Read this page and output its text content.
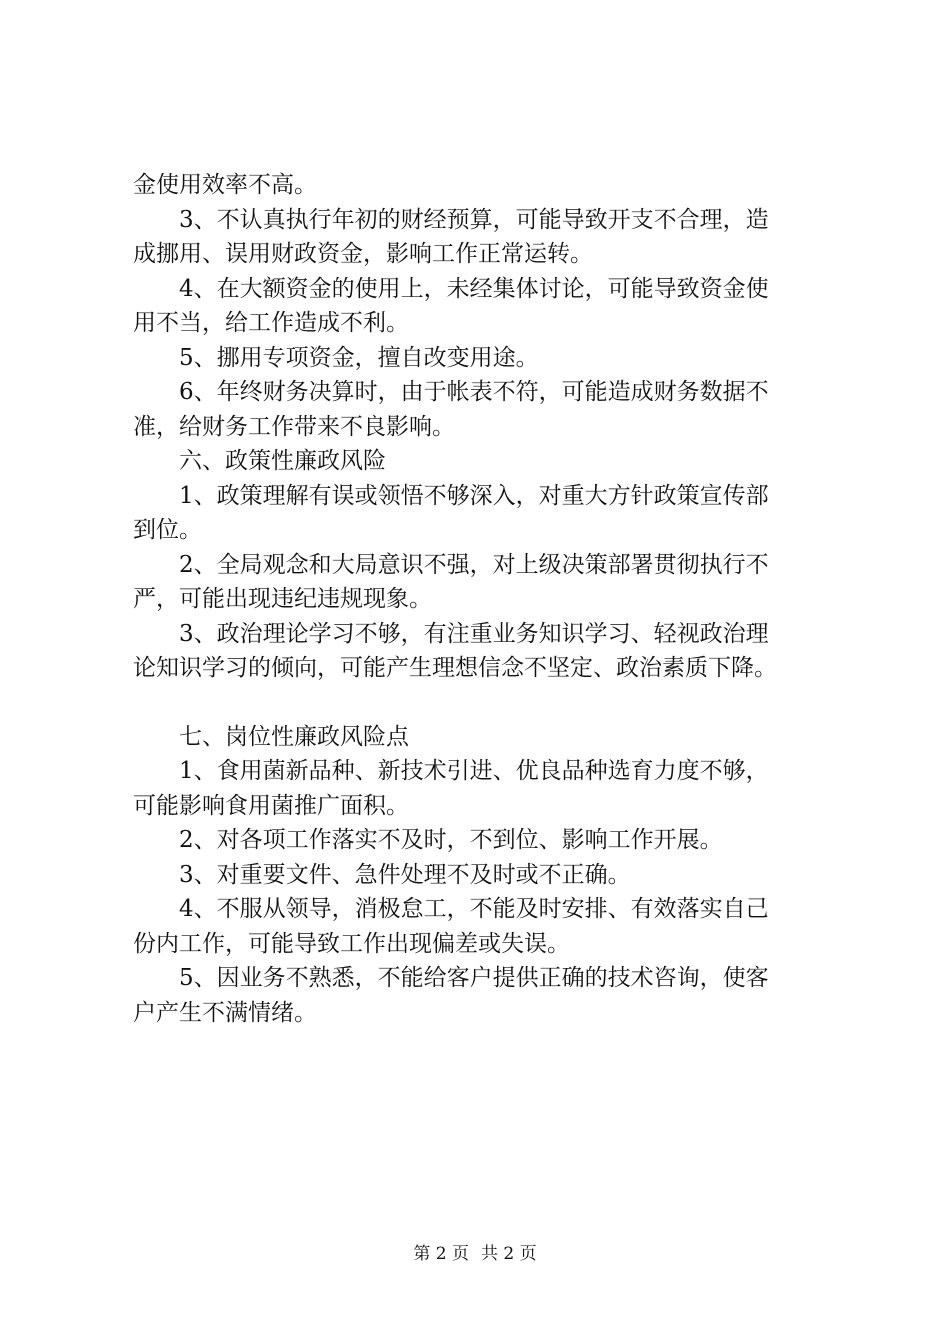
金使用效率不高。
3、不认真执行年初的财经预算，可能导致开支不合理，造
成挪用、误用财政资金，影响工作正常运转。
4、在大额资金的使用上，未经集体讨论，可能导致资金使
用不当，给工作造成不利。
5、挪用专项资金，擅自改变用途。
6、年终财务决算时，由于帐表不符，可能造成财务数据不
准，给财务工作带来不良影响。
六、政策性廉政风险
1、政策理解有误或领悟不够深入，对重大方针政策宣传部
到位。
2、全局观念和大局意识不强，对上级决策部署贯彻执行不
严，可能出现违纪违规现象。
3、政治理论学习不够，有注重业务知识学习、轻视政治理
论知识学习的倾向，可能产生理想信念不坚定、政治素质下降。
七、岗位性廉政风险点
1、食用菌新品种、新技术引进、优良品种选育力度不够，
可能影响食用菌推广面积。
2、对各项工作落实不及时，不到位、影响工作开展。
3、对重要文件、急件处理不及时或不正确。
4、不服从领导，消极怠工，不能及时安排、有效落实自己
份内工作，可能导致工作出现偏差或失误。
5、因业务不熟悉，不能给客户提供正确的技术咨询，使客
户产生不满情绪。
第 2 页 共 2 页
